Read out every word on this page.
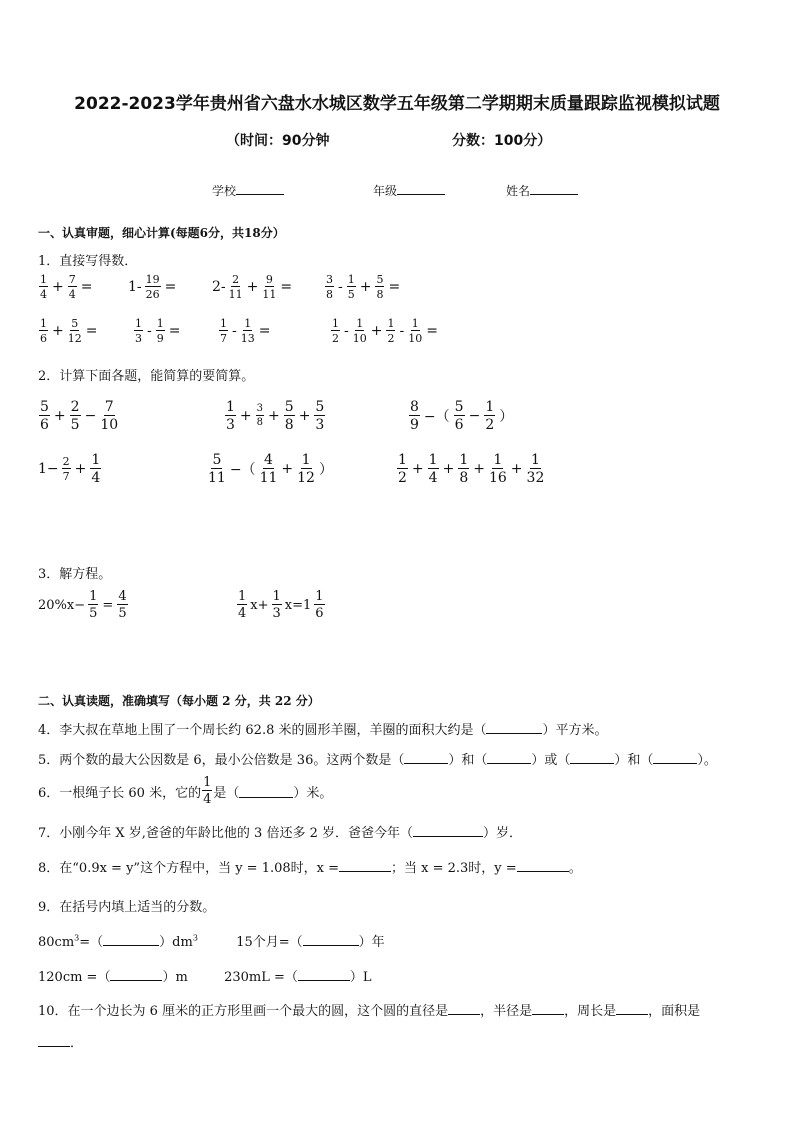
2022-2023学年贵州省六盘水水城区数学五年级第二学期期末质量跟踪监视模拟试题
（时间：90分钟	分数：100分）
学校	年级	姓名
一、认真审题，细心计算(每题6分，共18分）
1．直接写得数．
$\frac{1}{4} + \frac{7}{4}$ =	$1- \frac{19}{26}$ =	$2- \frac{2}{11} + \frac{9}{11}$ =	$\frac{3}{8} - \frac{1}{5} + \frac{5}{8}$ =
$\frac{1}{6} + \frac{5}{12}$ =	$\frac{1}{3} - \frac{1}{9}$ =	$\frac{1}{7} - \frac{1}{13}$ =	$\frac{1}{2} - \frac{1}{10} + \frac{1}{2} - \frac{1}{10}$ =
2．计算下面各题，能简算的要简算。
$\frac{5}{6} + \frac{2}{5} - \frac{7}{10}$	$\frac{1}{3} + \frac{3}{8} + \frac{5}{8} + \frac{5}{3}$	$\frac{8}{9}$ −（ $\frac{5}{6} - \frac{1}{2}$ ）
$1- \frac{2}{7} + \frac{1}{4}$	$\frac{5}{11}$ −（ $\frac{4}{11} + \frac{1}{12}$ ）	$\frac{1}{2} + \frac{1}{4} + \frac{1}{8} + \frac{1}{16} + \frac{1}{32}$
3．解方程。
$20\%x- \frac{1}{5} = \frac{4}{5}$	$\frac{1}{4} x+ \frac{1}{3} x=1 \frac{1}{6}$
二、认真读题，准确填写（每小题 2 分，共 22 分）
4．李大叔在草地上围了一个周长约 62.8 米的圆形羊圈，羊圈的面积大约是（	）平方米。
5．两个数的最大公因数是 6，最小公倍数是 36。这两个数是（	）和（	）或（	）和（	）。
6．一根绳子长 60 米，它的 $\frac{1}{4}$ 是（	）米。
7．小刚今年 X 岁,爸爸的年龄比他的 3 倍还多 2 岁．爸爸今年（	）岁．
8．在“0.9x = y”这个方程中，当 y = 1.08时，x =	；当 x = 2.3时，y =	。
9．在括号内填上适当的分数。
$80cm^3=$（	）$dm^3$	15个月=（	）年
120cm =（	）m	230mL =（	）L
10．在一个边长为 6 厘米的正方形里画一个最大的圆，这个圆的直径是 ，半径是 ，周长是 ，面积是
．
